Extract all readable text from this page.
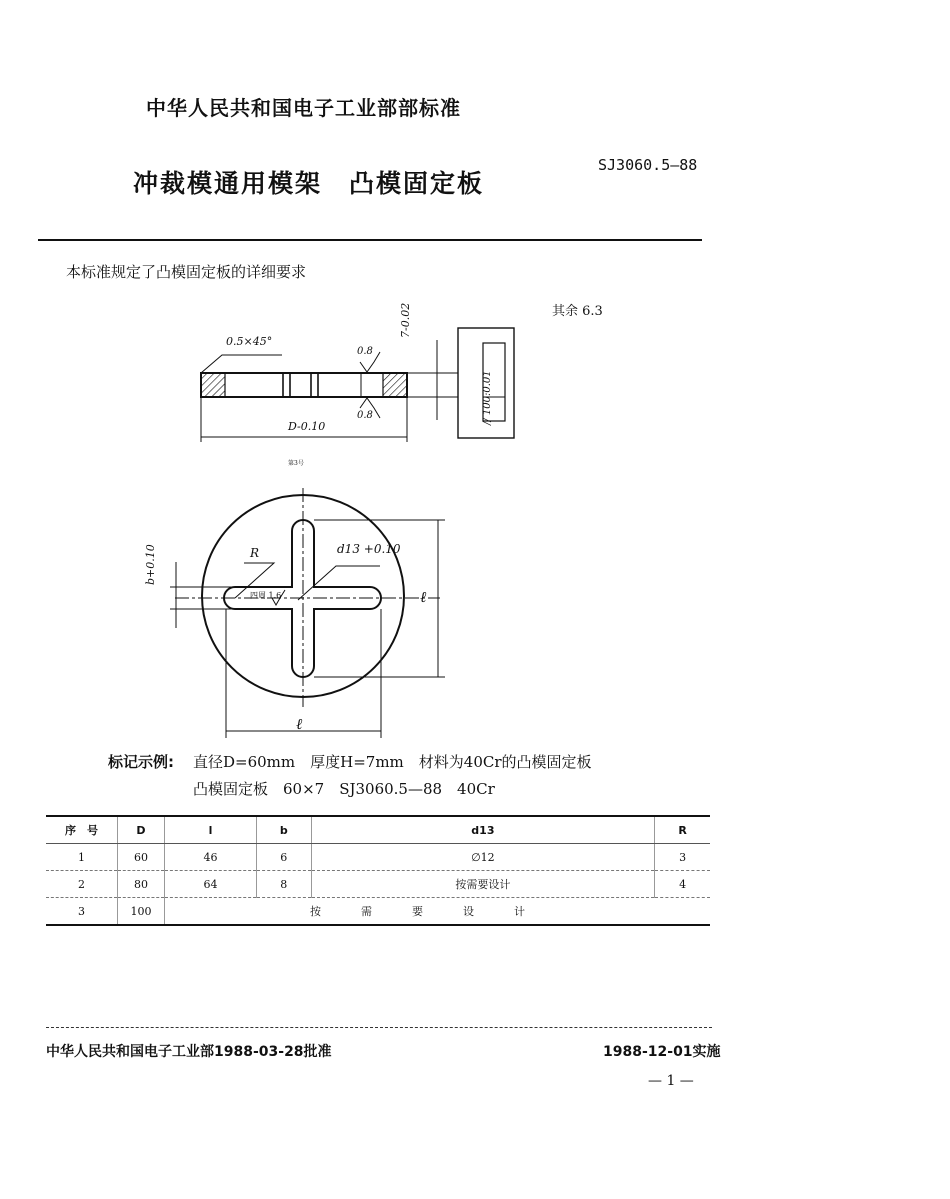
中华人民共和国电子工业部部标准
冲裁模通用模架　凸模固定板
SJ3060.5—88
本标准规定了凸模固定板的详细要求
其余 6.3
0.5×45°
0.8
0.8
7-0.02
D-0.10
// 100:0.01
第3号
R	d13 +0.10
b+0.10
ℓ
ℓ
四周 1.6
标记示例: 直径D=60mm　厚度H=7mm　材料为40Cr的凸模固定板
凸模固定板　60×7　SJ3060.5—88　40Cr
序　号	D	l	b	d13	R
1	60	46	6	∅12	3
2	80	64	8	按需要设计	4
3	100	按需要设计			
中华人民共和国电子工业部1988-03-28批准	1988-12-01实施
— 1 —
